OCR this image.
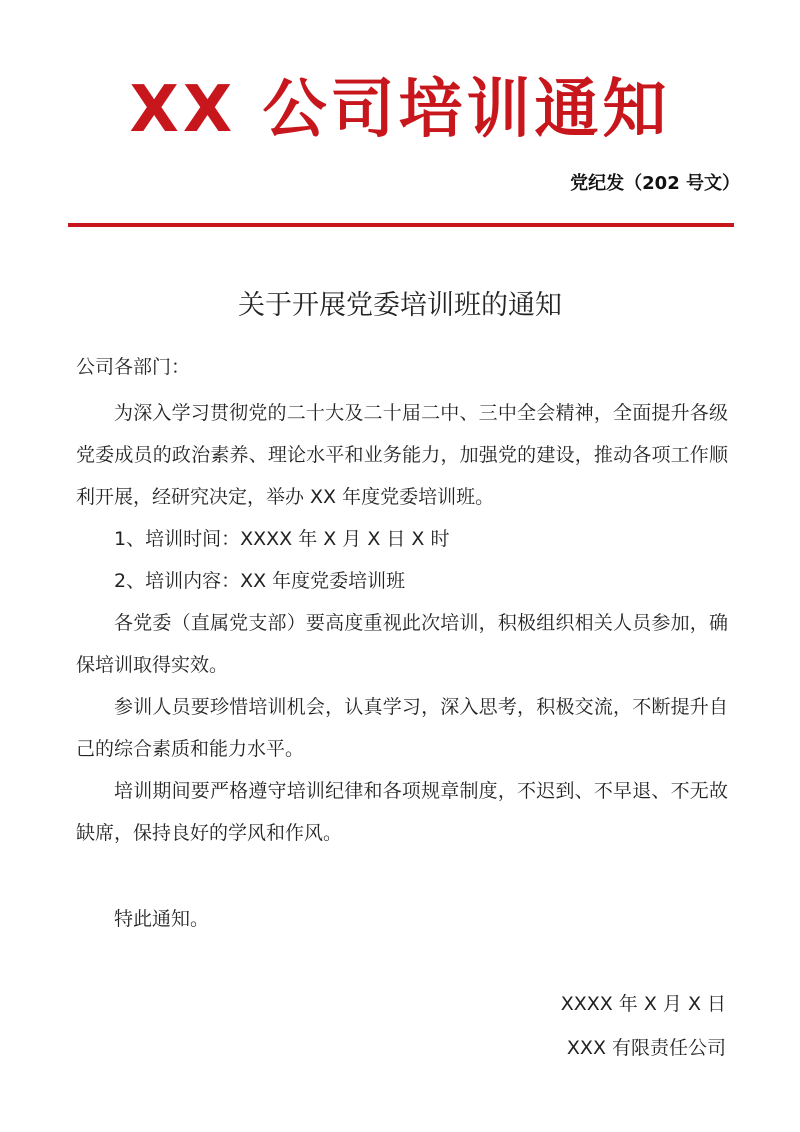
XX 公司培训通知
党纪发（202 号文）
关于开展党委培训班的通知
公司各部门：

为深入学习贯彻党的二十大及二十届二中、三中全会精神，全面提升各级党委成员的政治素养、理论水平和业务能力，加强党的建设，推动各项工作顺利开展，经研究决定，举办 XX 年度党委培训班。

1、培训时间：XXXX 年 X 月 X 日 X 时

2、培训内容：XX 年度党委培训班

各党委（直属党支部）要高度重视此次培训，积极组织相关人员参加，确保培训取得实效。

参训人员要珍惜培训机会，认真学习，深入思考，积极交流，不断提升自己的综合素质和能力水平。

培训期间要严格遵守培训纪律和各项规章制度，不迟到、不早退、不无故缺席，保持良好的学风和作风。

特此通知。
XXXX 年 X 月 X 日
XXX 有限责任公司
